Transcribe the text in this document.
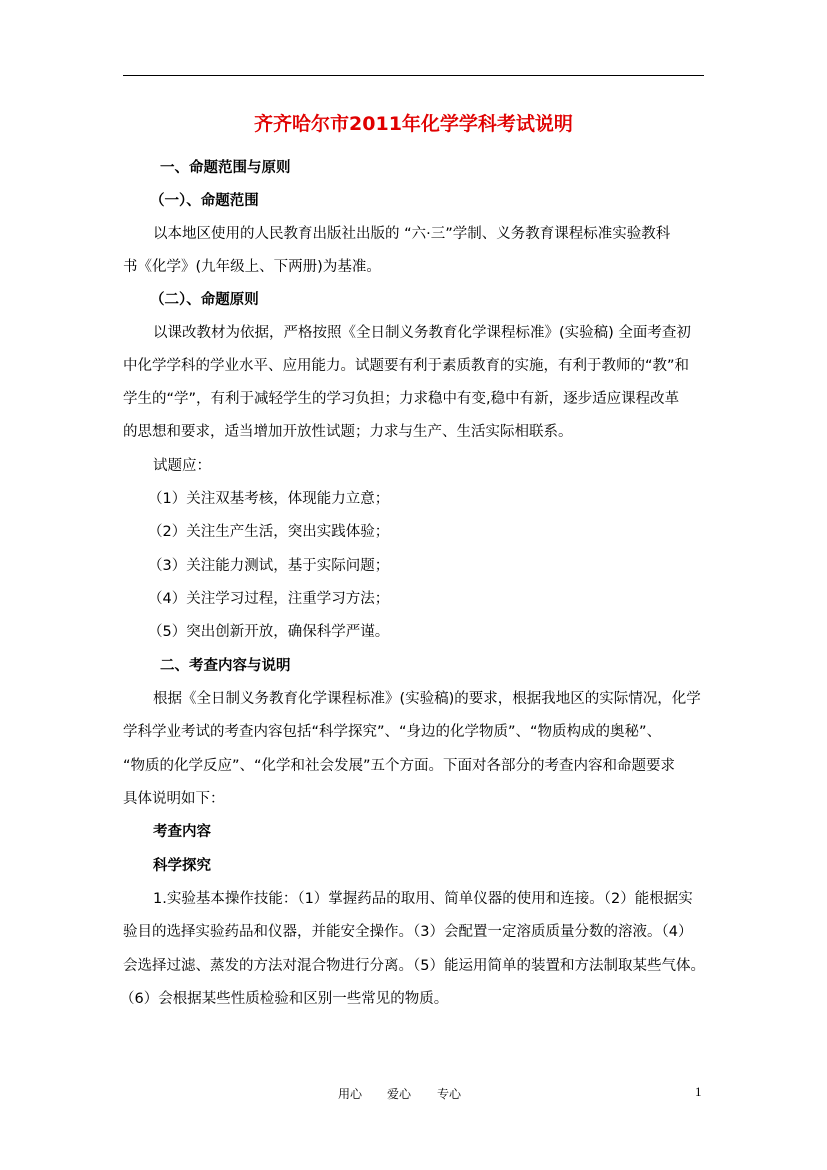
齐齐哈尔市2011年化学学科考试说明
一、命题范围与原则
（一）、命题范围
以本地区使用的人民教育出版社出版的 “六·三”学制、义务教育课程标准实验教科
书《化学》(九年级上、下两册)为基准。
（二）、命题原则
以课改教材为依据，严格按照《全日制义务教育化学课程标准》(实验稿) 全面考查初
中化学学科的学业水平、应用能力。试题要有利于素质教育的实施，有利于教师的“教”和
学生的“学”，有利于减轻学生的学习负担；力求稳中有变,稳中有新，逐步适应课程改革
的思想和要求，适当增加开放性试题；力求与生产、生活实际相联系。
试题应：
（1）关注双基考核，体现能力立意；
（2）关注生产生活，突出实践体验；
（3）关注能力测试，基于实际问题；
（4）关注学习过程，注重学习方法；
（5）突出创新开放，确保科学严谨。
二、考查内容与说明
根据《全日制义务教育化学课程标准》(实验稿)的要求，根据我地区的实际情况，化学
学科学业考试的考查内容包括“科学探究”、“身边的化学物质”、“物质构成的奥秘”、
“物质的化学反应”、“化学和社会发展”五个方面。下面对各部分的考查内容和命题要求
具体说明如下：
考查内容
科学探究
1.实验基本操作技能：（1）掌握药品的取用、简单仪器的使用和连接。（2）能根据实
验目的选择实验药品和仪器，并能安全操作。（3）会配置一定溶质质量分数的溶液。（4）
会选择过滤、蒸发的方法对混合物进行分离。（5）能运用简单的装置和方法制取某些气体。
（6）会根据某些性质检验和区别一些常见的物质。
用心 爱心 专心	1
